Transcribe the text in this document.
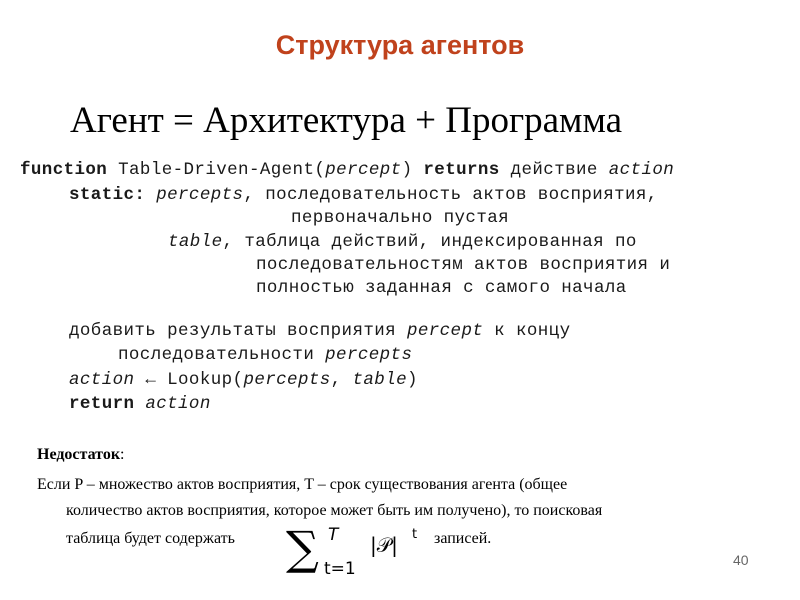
Структура агентов
Агент = Архитектура + Программа
function Table-Driven-Agent(percept) returns действие action
static: percepts, последовательность актов восприятия,
первоначально пустая
table, таблица действий, индексированная по
последовательностям актов восприятия и
полностью заданная с самого начала
добавить результаты восприятия percept к концу
последовательности percepts
action ← Lookup(percepts, table)
return action
Недостаток:
Если P – множество актов восприятия, T – срок существования агента (общее
количество актов восприятия, которое может быть им получено), то поисковая
таблица будет содержать ∑ T
t=1
|𝒫| t записей.
40
